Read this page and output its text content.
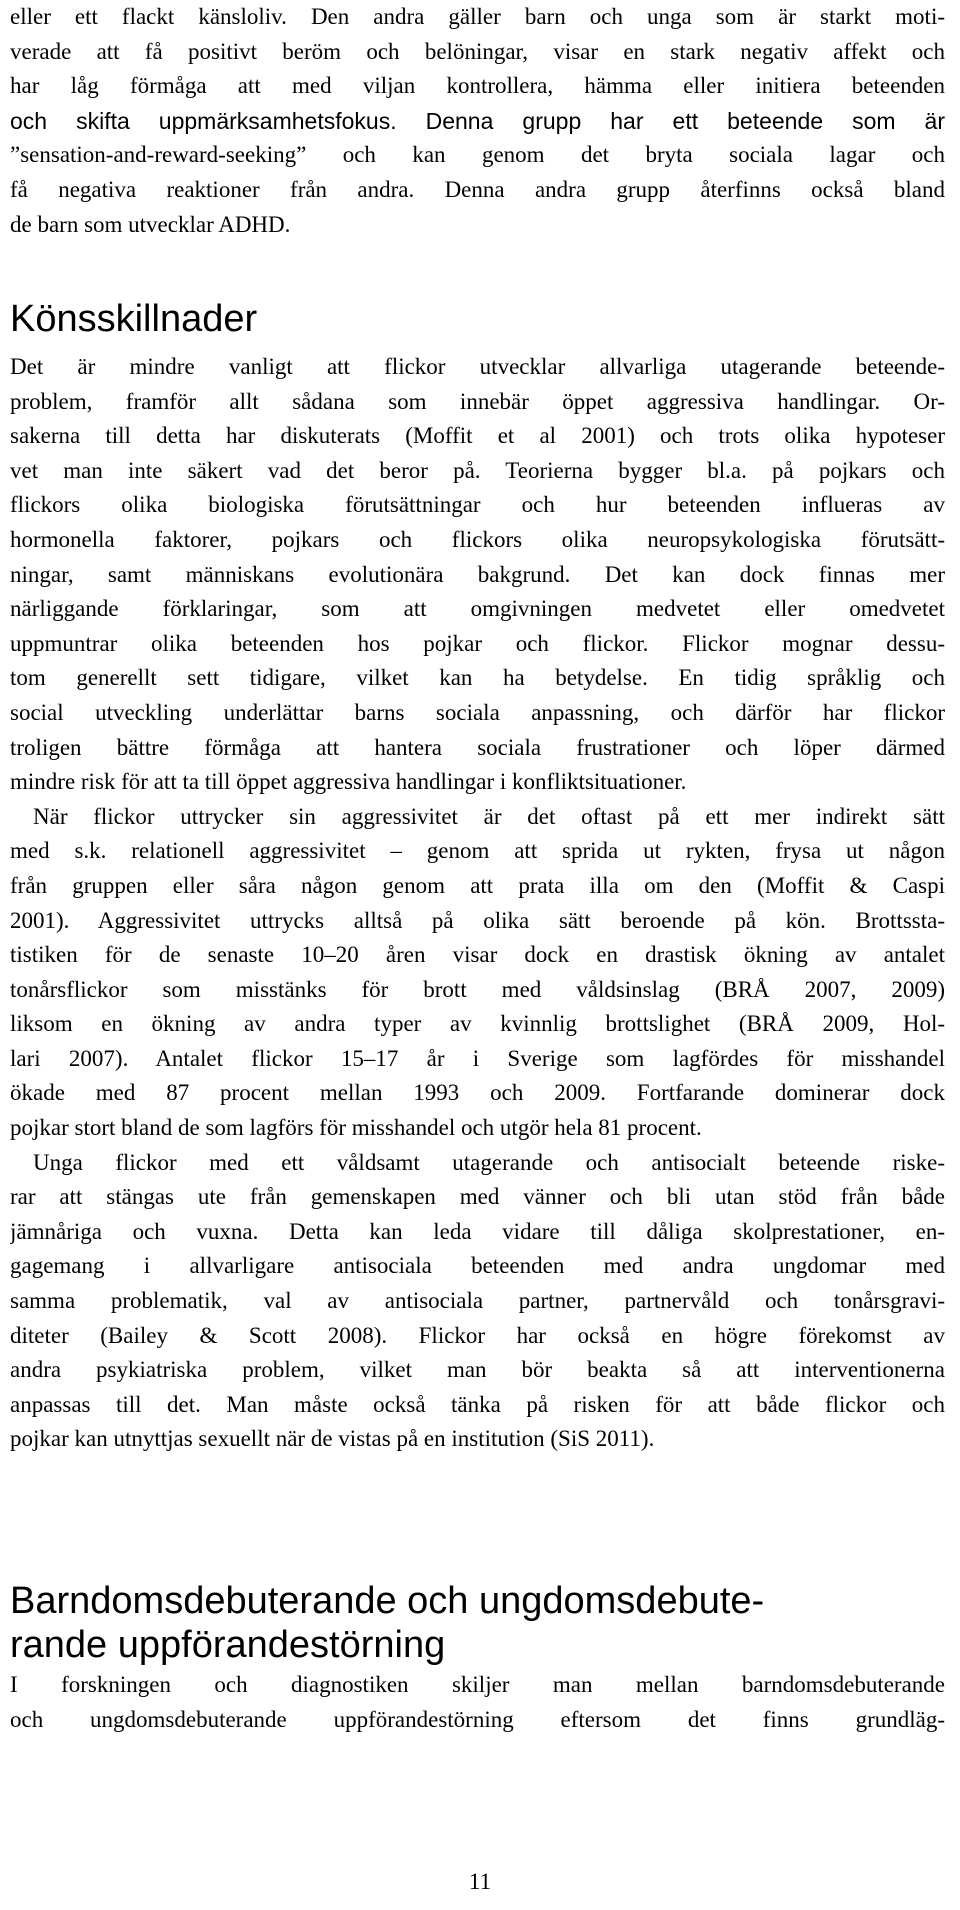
eller ett flackt känsloliv. Den andra gäller barn och unga som är starkt moti-
verade att få positivt beröm och belöningar, visar en stark negativ affekt och
har låg förmåga att med viljan kontrollera, hämma eller initiera beteenden
och skifta uppmärksamhetsfokus. Denna grupp har ett beteende som är
”sensation-and-reward-seeking” och kan genom det bryta sociala lagar och
få negativa reaktioner från andra. Denna andra grupp återfinns också bland
de barn som utvecklar ADHD.
Könsskillnader
Det är mindre vanligt att flickor utvecklar allvarliga utagerande beteende-
problem, framför allt sådana som innebär öppet aggressiva handlingar. Or-
sakerna till detta har diskuterats (Moffit et al 2001) och trots olika hypoteser
vet man inte säkert vad det beror på. Teorierna bygger bl.a. på pojkars och
flickors olika biologiska förutsättningar och hur beteenden influeras av
hormonella faktorer, pojkars och flickors olika neuropsykologiska förutsätt-
ningar, samt människans evolutionära bakgrund. Det kan dock finnas mer
närliggande förklaringar, som att omgivningen medvetet eller omedvetet
uppmuntrar olika beteenden hos pojkar och flickor. Flickor mognar dessu-
tom generellt sett tidigare, vilket kan ha betydelse. En tidig språklig och
social utveckling underlättar barns sociala anpassning, och därför har flickor
troligen bättre förmåga att hantera sociala frustrationer och löper därmed
mindre risk för att ta till öppet aggressiva handlingar i konfliktsituationer.
När flickor uttrycker sin aggressivitet är det oftast på ett mer indirekt sätt
med s.k. relationell aggressivitet – genom att sprida ut rykten, frysa ut någon
från gruppen eller såra någon genom att prata illa om den (Moffit & Caspi
2001). Aggressivitet uttrycks alltså på olika sätt beroende på kön. Brottssta-
tistiken för de senaste 10–20 åren visar dock en drastisk ökning av antalet
tonårsflickor som misstänks för brott med våldsinslag (BRÅ 2007, 2009)
liksom en ökning av andra typer av kvinnlig brottslighet (BRÅ 2009, Hol-
lari 2007). Antalet flickor 15–17 år i Sverige som lagfördes för misshandel
ökade med 87 procent mellan 1993 och 2009. Fortfarande dominerar dock
pojkar stort bland de som lagförs för misshandel och utgör hela 81 procent.
Unga flickor med ett våldsamt utagerande och antisocialt beteende riske-
rar att stängas ute från gemenskapen med vänner och bli utan stöd från både
jämnåriga och vuxna. Detta kan leda vidare till dåliga skolprestationer, en-
gagemang i allvarligare antisociala beteenden med andra ungdomar med
samma problematik, val av antisociala partner, partnervåld och tonårsgravi-
diteter (Bailey & Scott 2008). Flickor har också en högre förekomst av
andra psykiatriska problem, vilket man bör beakta så att interventionerna
anpassas till det. Man måste också tänka på risken för att både flickor och
pojkar kan utnyttjas sexuellt när de vistas på en institution (SiS 2011).
Barndomsdebuterande och ungdomsdebute-
rande uppförandestörning
I forskningen och diagnostiken skiljer man mellan barndomsdebuterande
och ungdomsdebuterande uppförandestörning eftersom det finns grundläg-
11
